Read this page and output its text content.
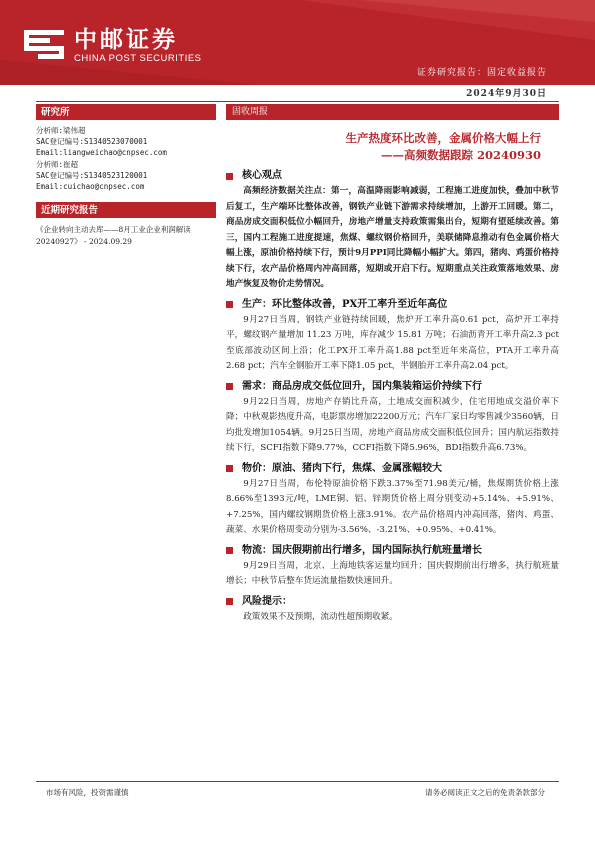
中邮证券
CHINA POST SECURITIES
证券研究报告：固定收益报告
2024年9月30日
研究所
分析师:梁伟超
SAC登记编号:S1340523070001
Email:liangweichao@cnpsec.com
分析师:崔超
SAC登记编号:S1340523120001
Email:cuichao@cnpsec.com
近期研究报告
《企业转向主动去库——8月工业企业利润解读 20240927》 - 2024.09.29
固收周报
生产热度环比改善，金属价格大幅上行
——高频数据跟踪 20240930
核心观点
高频经济数据关注点：第一，高温降雨影响减弱，工程施工进度加快，叠加中秋节后复工，生产端环比整体改善，钢铁产业链下游需求持续增加，上游开工回暖。第二，商品房成交面积低位小幅回升，房地产增量支持政策需集出台，短期有望延续改善。第三，国内工程施工进度提速，焦煤、螺纹钢价格回升，美联储降息推动有色金属价格大幅上涨，原油价格持续下行，预计9月PPI同比降幅小幅扩大。第四，猪肉、鸡蛋价格持续下行，农产品价格周内冲高回落，短期或开启下行。短期重点关注政策落地效果、房地产恢复及物价走势情况。
生产：环比整体改善，PX开工率升至近年高位
9月27日当周，钢铁产业链持续回暖，焦炉开工率升高0.61 pct，高炉开工率持平，螺纹钢产量增加 11.23 万吨，库存减少 15.81 万吨；石油沥青开工率升高2.3 pct至底部波动区间上沿；化工PX开工率升高1.88 pct至近年来高位，PTA开工率升高2.68 pct；汽车全钢胎开工率下降1.05 pct，半钢胎开工率升高2.04 pct。
需求：商品房成交低位回升，国内集装箱运价持续下行
9月22日当周，房地产存销比升高，土地成交面积减少，住宅用地成交溢价率下降；中秋观影热度升高，电影票房增加22200万元；汽车厂家日均零售减少3560辆，日均批发增加1054辆。9月25日当周，房地产商品房成交面积低位回升；国内航运指数持续下行，SCFI指数下降9.77%，CCFI指数下降5.96%，BDI指数升高6.73%。
物价：原油、猪肉下行，焦煤、金属涨幅较大
9月27日当周，布伦特原油价格下跌3.37%至71.98美元/桶，焦煤期货价格上涨8.66%至1393元/吨，LME铜、铝、锌期货价格上周分别变动+5.14%、+5.91%、+7.25%，国内螺纹钢期货价格上涨3.91%。农产品价格周内冲高回落，猪肉、鸡蛋、蔬菜、水果价格周变动分别为-3.56%、-3.21%、+0.95%、+0.41%。
物流：国庆假期前出行增多，国内国际执行航班量增长
9月29日当周，北京、上海地铁客运量均回升；国庆假期前出行增多，执行航班量增长；中秋节后整车货运流量指数快速回升。
风险提示：
政策效果不及预期，流动性超预期收紧。
市场有风险，投资需谨慎	请务必阅读正文之后的免责条款部分
